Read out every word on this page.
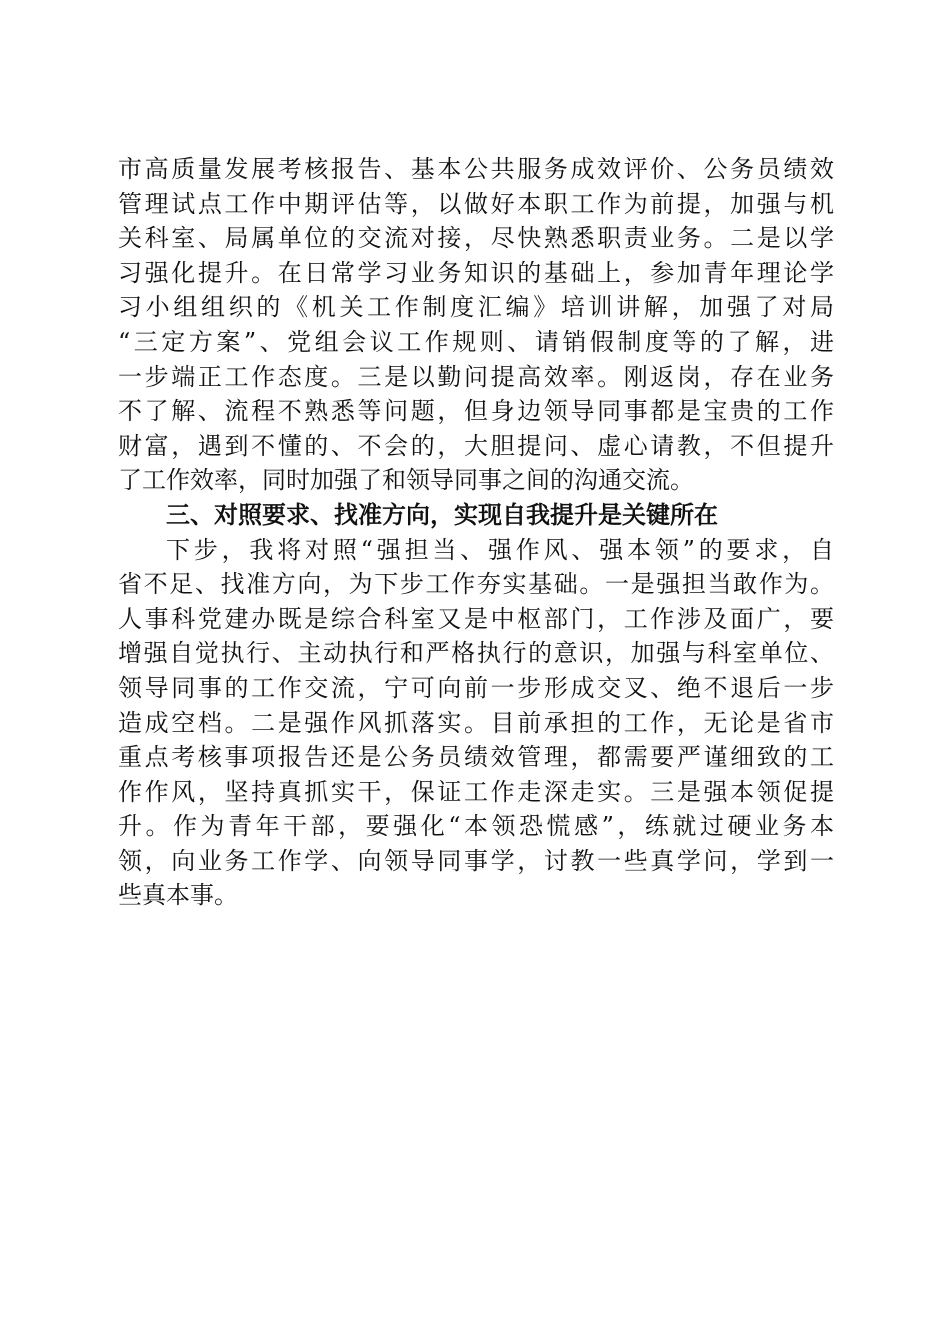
市高质量发展考核报告、基本公共服务成效评价、公务员绩效
管理试点工作中期评估等，以做好本职工作为前提，加强与机
关科室、局属单位的交流对接，尽快熟悉职责业务。二是以学
习强化提升。在日常学习业务知识的基础上，参加青年理论学
习小组组织的《机关工作制度汇编》培训讲解，加强了对局
“三定方案”、党组会议工作规则、请销假制度等的了解，进
一步端正工作态度。三是以勤问提高效率。刚返岗，存在业务
不了解、流程不熟悉等问题，但身边领导同事都是宝贵的工作
财富，遇到不懂的、不会的，大胆提问、虚心请教，不但提升
了工作效率，同时加强了和领导同事之间的沟通交流。
三、对照要求、找准方向，实现自我提升是关键所在
下步，我将对照“强担当、强作风、强本领”的要求，自
省不足、找准方向，为下步工作夯实基础。一是强担当敢作为。
人事科党建办既是综合科室又是中枢部门，工作涉及面广，要
增强自觉执行、主动执行和严格执行的意识，加强与科室单位、
领导同事的工作交流，宁可向前一步形成交叉、绝不退后一步
造成空档。二是强作风抓落实。目前承担的工作，无论是省市
重点考核事项报告还是公务员绩效管理，都需要严谨细致的工
作作风，坚持真抓实干，保证工作走深走实。三是强本领促提
升。作为青年干部，要强化“本领恐慌感”，练就过硬业务本
领，向业务工作学、向领导同事学，讨教一些真学问，学到一
些真本事。
